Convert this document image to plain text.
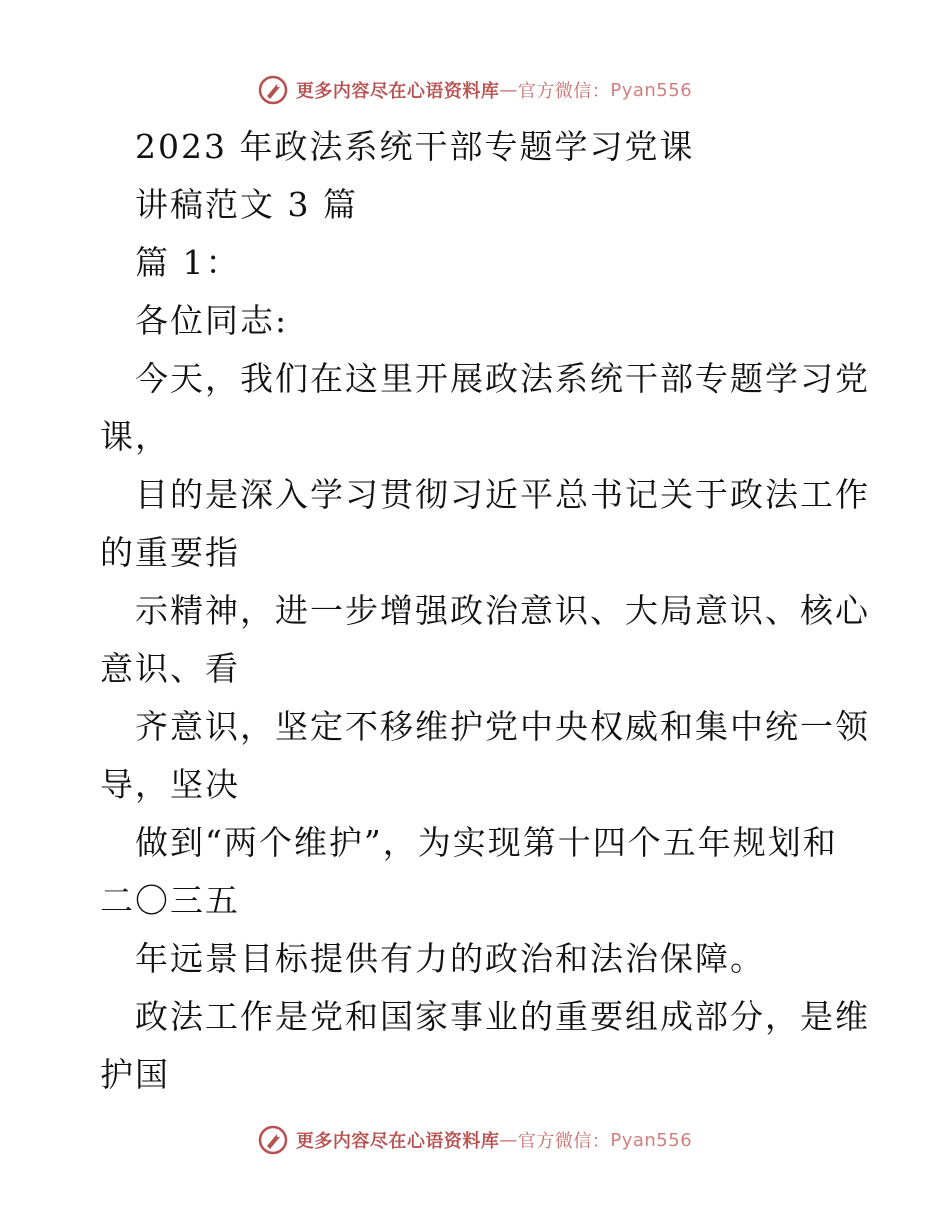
更多内容尽在心语资料库 — 官方微信： Pyan556
2023 年政法系统干部专题学习党课
讲稿范文 3 篇
篇 1：
各位同志:
今天，我们在这里开展政法系统干部专题学习党
课，
目的是深入学习贯彻习近平总书记关于政法工作
的重要指
示精神，进一步增强政治意识、大局意识、核心
意识、看
齐意识，坚定不移维护党中央权威和集中统一领
导，坚决
做到“两个维护”，为实现第十四个五年规划和
二〇三五
年远景目标提供有力的政治和法治保障。
政法工作是党和国家事业的重要组成部分，是维
护国
更多内容尽在心语资料库 — 官方微信： Pyan556
